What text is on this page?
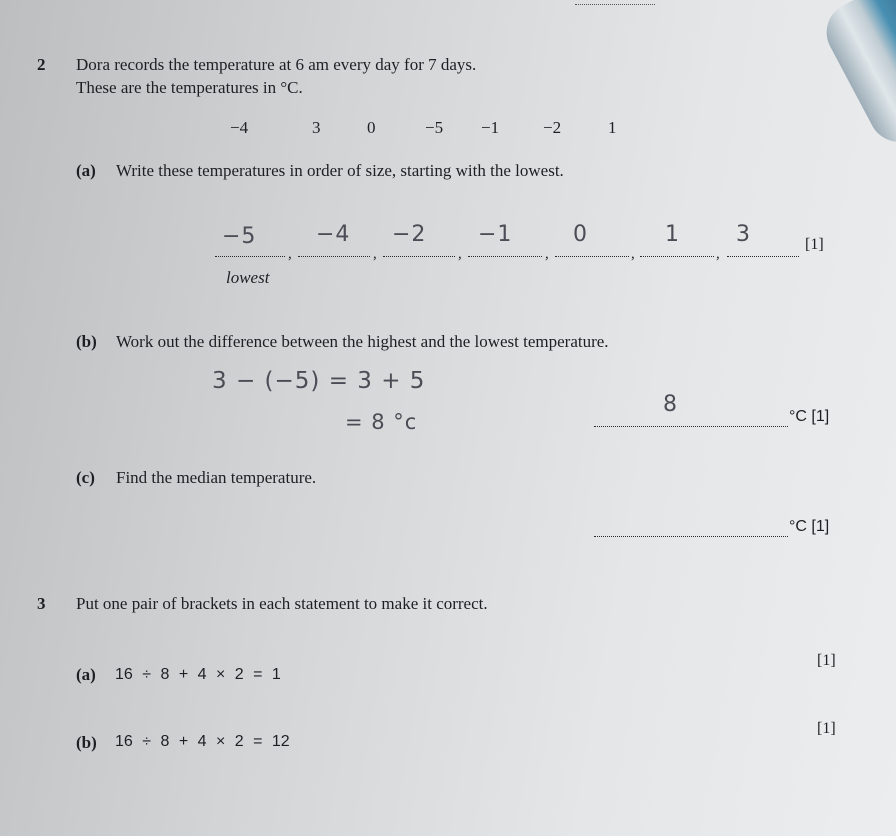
2 Dora records the temperature at 6 am every day for 7 days.
These are the temperatures in °C.
−4	3	0	−5 −1	−2	1
(a) Write these temperatures in order of size, starting with the lowest.
−5
,
−4
,
−2
,
−1
,
0
,
1
,
3	[1]
lowest
(b) Work out the difference between the highest and the lowest temperature.
3 − (−5) = 3 + 5
= 8 °c
8	°C [1]
(c) Find the median temperature.
°C [1]
3 Put one pair of brackets in each statement to make it correct.
(a) 16 ÷ 8 + 4 × 2 = 1
[1]
(b) 16 ÷ 8 + 4 × 2 = 12
[1]
